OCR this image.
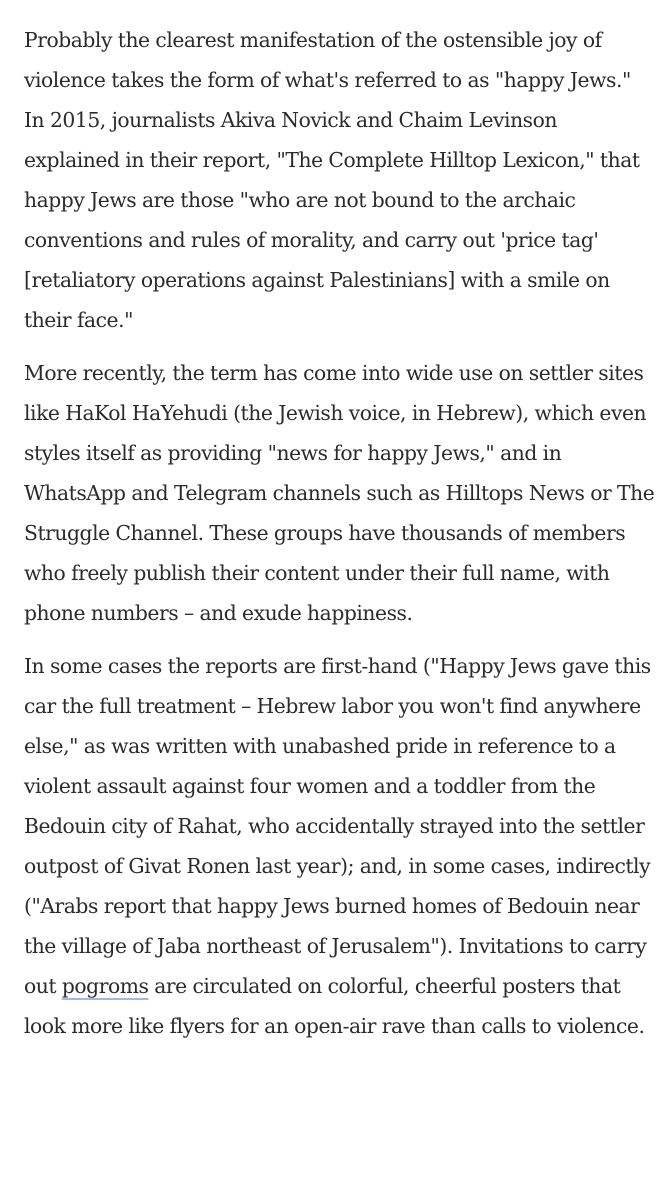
Probably the clearest manifestation of the ostensible joy of violence takes the form of what's referred to as "happy Jews." In 2015, journalists Akiva Novick and Chaim Levinson explained in their report, "The Complete Hilltop Lexicon," that happy Jews are those "who are not bound to the archaic conventions and rules of morality, and carry out 'price tag' [retaliatory operations against Palestinians] with a smile on their face."

More recently, the term has come into wide use on settler sites like HaKol HaYehudi (the Jewish voice, in Hebrew), which even styles itself as providing "news for happy Jews," and in WhatsApp and Telegram channels such as Hilltops News or The Struggle Channel. These groups have thousands of members who freely publish their content under their full name, with phone numbers – and exude happiness.

In some cases the reports are first-hand ("Happy Jews gave this car the full treatment – Hebrew labor you won't find anywhere else," as was written with unabashed pride in reference to a violent assault against four women and a toddler from the Bedouin city of Rahat, who accidentally strayed into the settler outpost of Givat Ronen last year); and, in some cases, indirectly ("Arabs report that happy Jews burned homes of Bedouin near the village of Jaba northeast of Jerusalem"). Invitations to carry out pogroms are circulated on colorful, cheerful posters that look more like flyers for an open-air rave than calls to violence.
